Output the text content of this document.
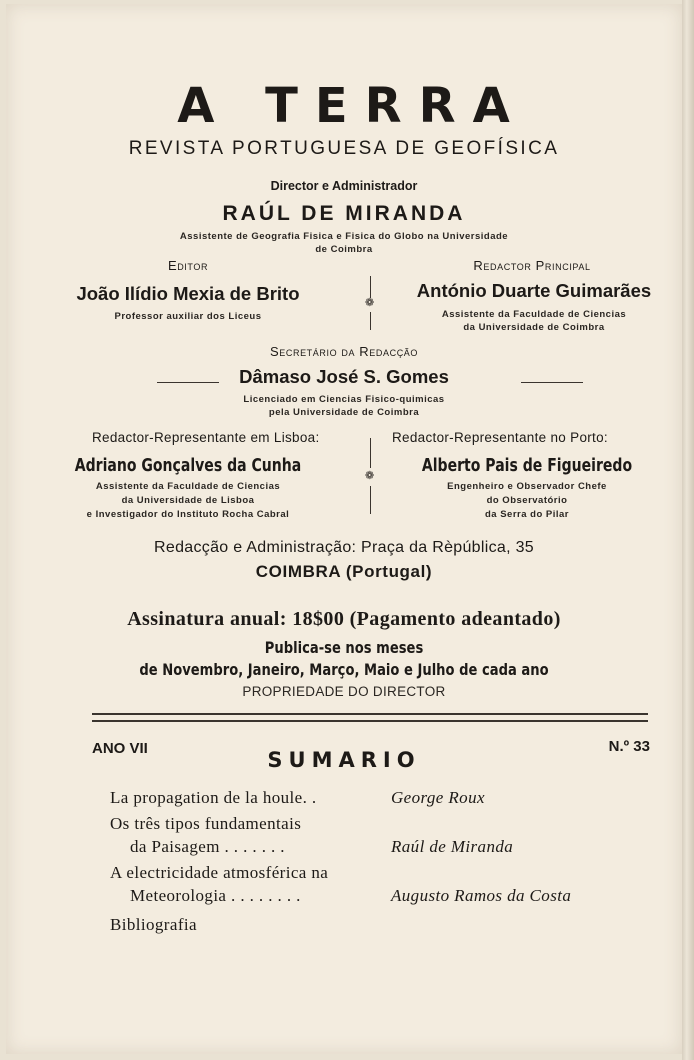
A TERRA
REVISTA PORTUGUESA DE GEOFÍSICA
Director e Administrador
RAÚL DE MIRANDA
Assistente de Geografia Fisica e Fisica do Globo na Universidade
de Coimbra
Editor
João Ilídio Mexia de Brito
Professor auxiliar dos Liceus
❁
Redactor Principal
António Duarte Guimarães
Assistente da Faculdade de Ciencias
da Universidade de Coimbra
Secretário da Redacção
Dâmaso José S. Gomes
Licenciado em Ciencias Fisico-quimicas
pela Universidade de Coimbra
Redactor-Representante em Lisboa:
Adriano Gonçalves da Cunha
Assistente da Faculdade de Ciencias
da Universidade de Lisboa
e Investigador do Instituto Rocha Cabral
❁
Redactor-Representante no Porto:
Alberto Pais de Figueiredo
Engenheiro e Observador Chefe
do Observatório
da Serra do Pilar
Redacção e Administração: Praça da Rèpública, 35
COIMBRA (Portugal)
Assinatura anual: 18$00 (Pagamento adeantado)
Publica-se nos meses
de Novembro, Janeiro, Março, Maio e Julho de cada ano
PROPRIEDADE DO DIRECTOR
ANO VII	N.º 33
SUMARIO
La propagation de la houle. .	George Roux
Os três tipos fundamentais
da Paisagem . . . . . . .	Raúl de Miranda
A electricidade atmosférica na
Meteorologia . . . . . . . .	Augusto Ramos da Costa
Bibliografia
